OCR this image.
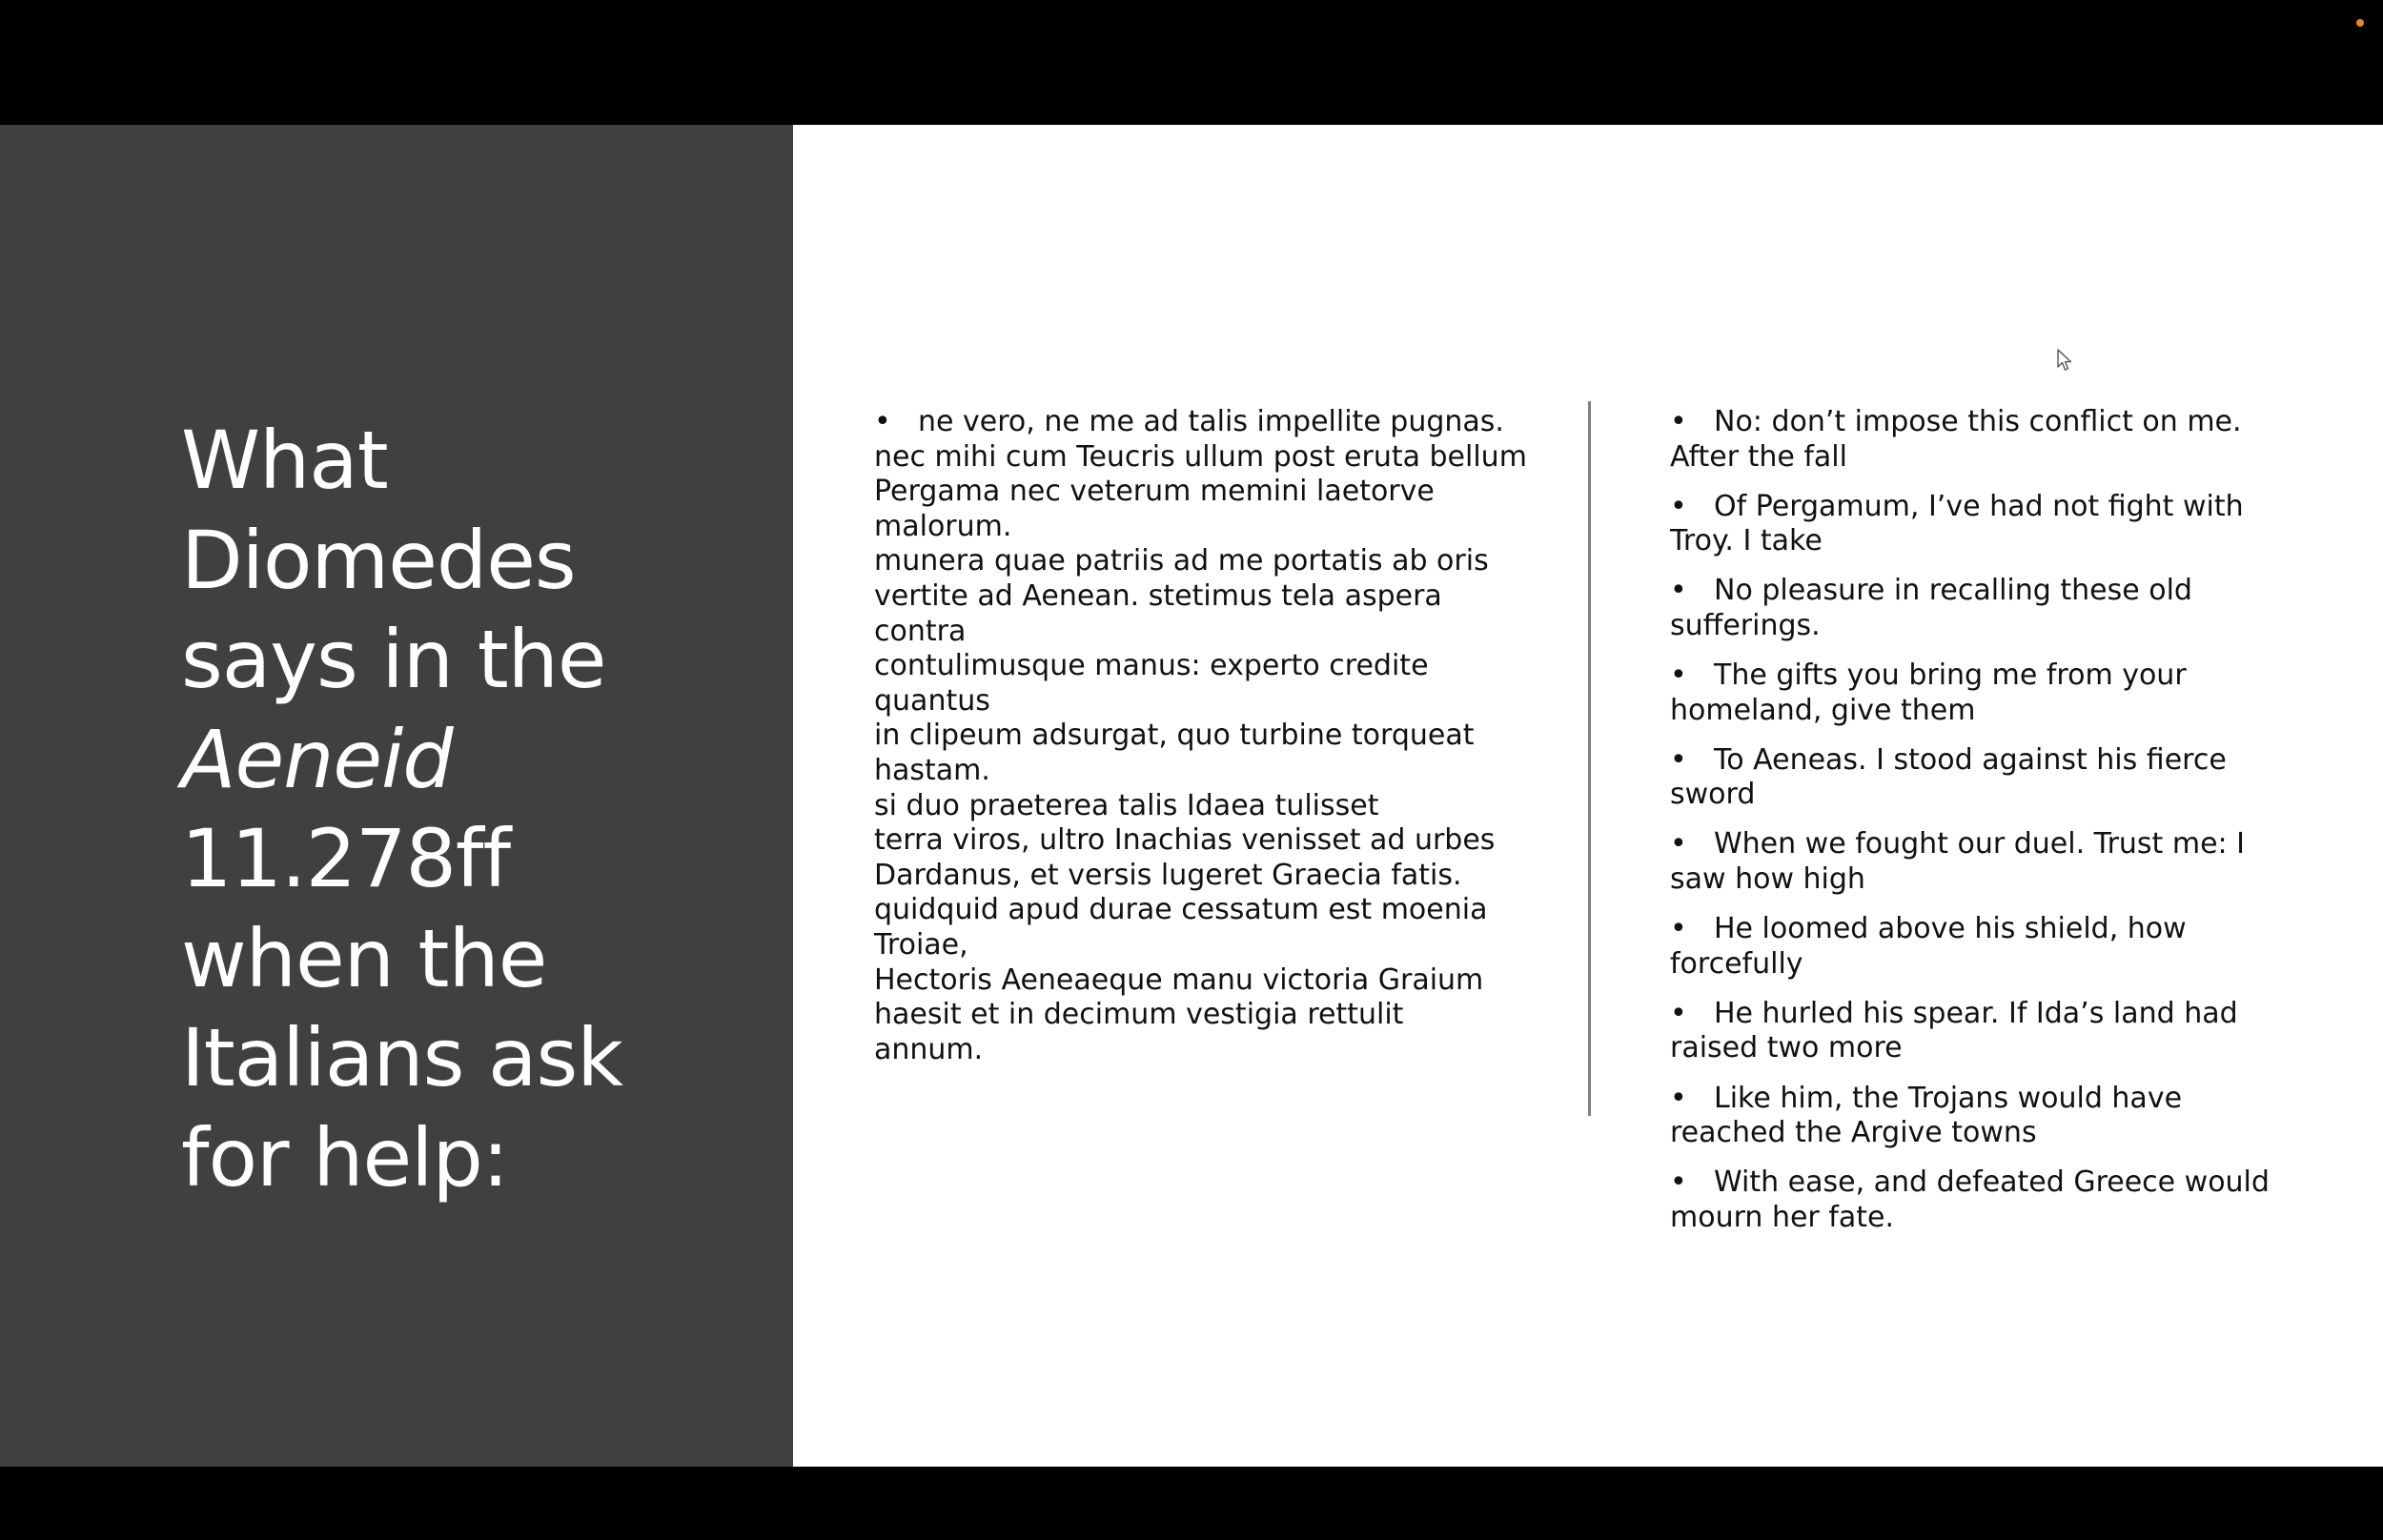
What
Diomedes
says in the
Aeneid
11.278ff
when the
Italians ask
for help:
• ne vero, ne me ad talis impellite pugnas.
nec mihi cum Teucris ullum post eruta bellum
Pergama nec veterum memini laetorve
malorum.
munera quae patriis ad me portatis ab oris
vertite ad Aenean. stetimus tela aspera
contra
contulimusque manus: experto credite
quantus
in clipeum adsurgat, quo turbine torqueat
hastam.
si duo praeterea talis Idaea tulisset
terra viros, ultro Inachias venisset ad urbes
Dardanus, et versis lugeret Graecia fatis.
quidquid apud durae cessatum est moenia
Troiae,
Hectoris Aeneaeque manu victoria Graium
haesit et in decimum vestigia rettulit
annum.
• No: don’t impose this conflict on me.
After the fall
• Of Pergamum, I’ve had not fight with
Troy. I take
• No pleasure in recalling these old
sufferings.
• The gifts you bring me from your
homeland, give them
• To Aeneas. I stood against his fierce
sword
• When we fought our duel. Trust me: I
saw how high
• He loomed above his shield, how
forcefully
• He hurled his spear. If Ida’s land had
raised two more
• Like him, the Trojans would have
reached the Argive towns
• With ease, and defeated Greece would
mourn her fate.
